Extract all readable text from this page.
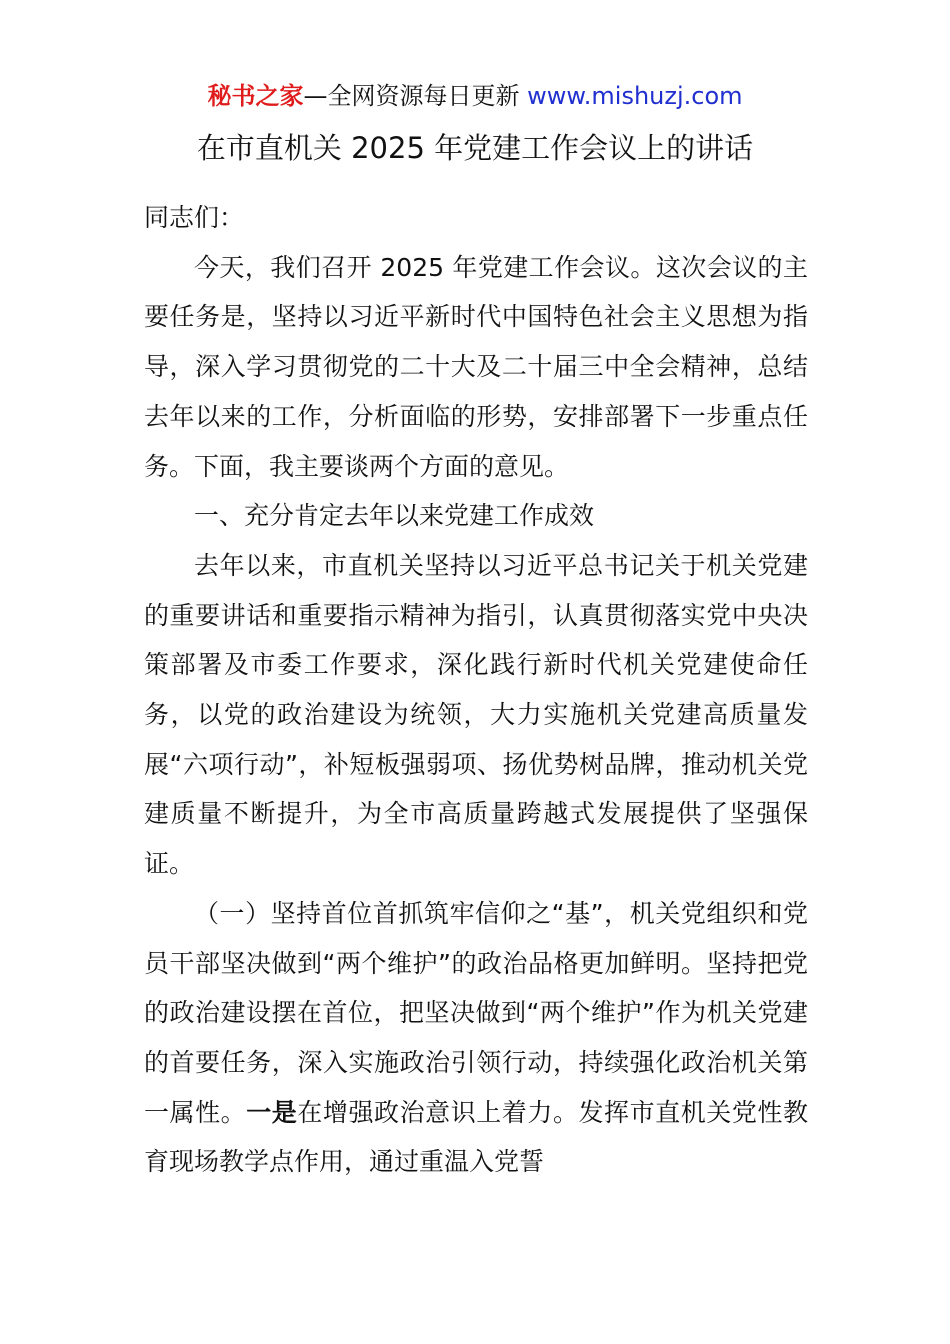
秘书之家—全网资源每日更新 www.mishuzj.com
在市直机关 2025 年党建工作会议上的讲话

同志们：

今天，我们召开 2025 年党建工作会议。这次会议的主要任务是，坚持以习近平新时代中国特色社会主义思想为指导，深入学习贯彻党的二十大及二十届三中全会精神，总结去年以来的工作，分析面临的形势，安排部署下一步重点任务。下面，我主要谈两个方面的意见。

一、充分肯定去年以来党建工作成效

去年以来，市直机关坚持以习近平总书记关于机关党建的重要讲话和重要指示精神为指引，认真贯彻落实党中央决策部署及市委工作要求，深化践行新时代机关党建使命任务，以党的政治建设为统领，大力实施机关党建高质量发展“六项行动”，补短板强弱项、扬优势树品牌，推动机关党建质量不断提升，为全市高质量跨越式发展提供了坚强保证。

（一）坚持首位首抓筑牢信仰之“基”，机关党组织和党员干部坚决做到“两个维护”的政治品格更加鲜明。坚持把党的政治建设摆在首位，把坚决做到“两个维护”作为机关党建的首要任务，深入实施政治引领行动，持续强化政治机关第一属性。一是在增强政治意识上着力。发挥市直机关党性教育现场教学点作用，通过重温入党誓
